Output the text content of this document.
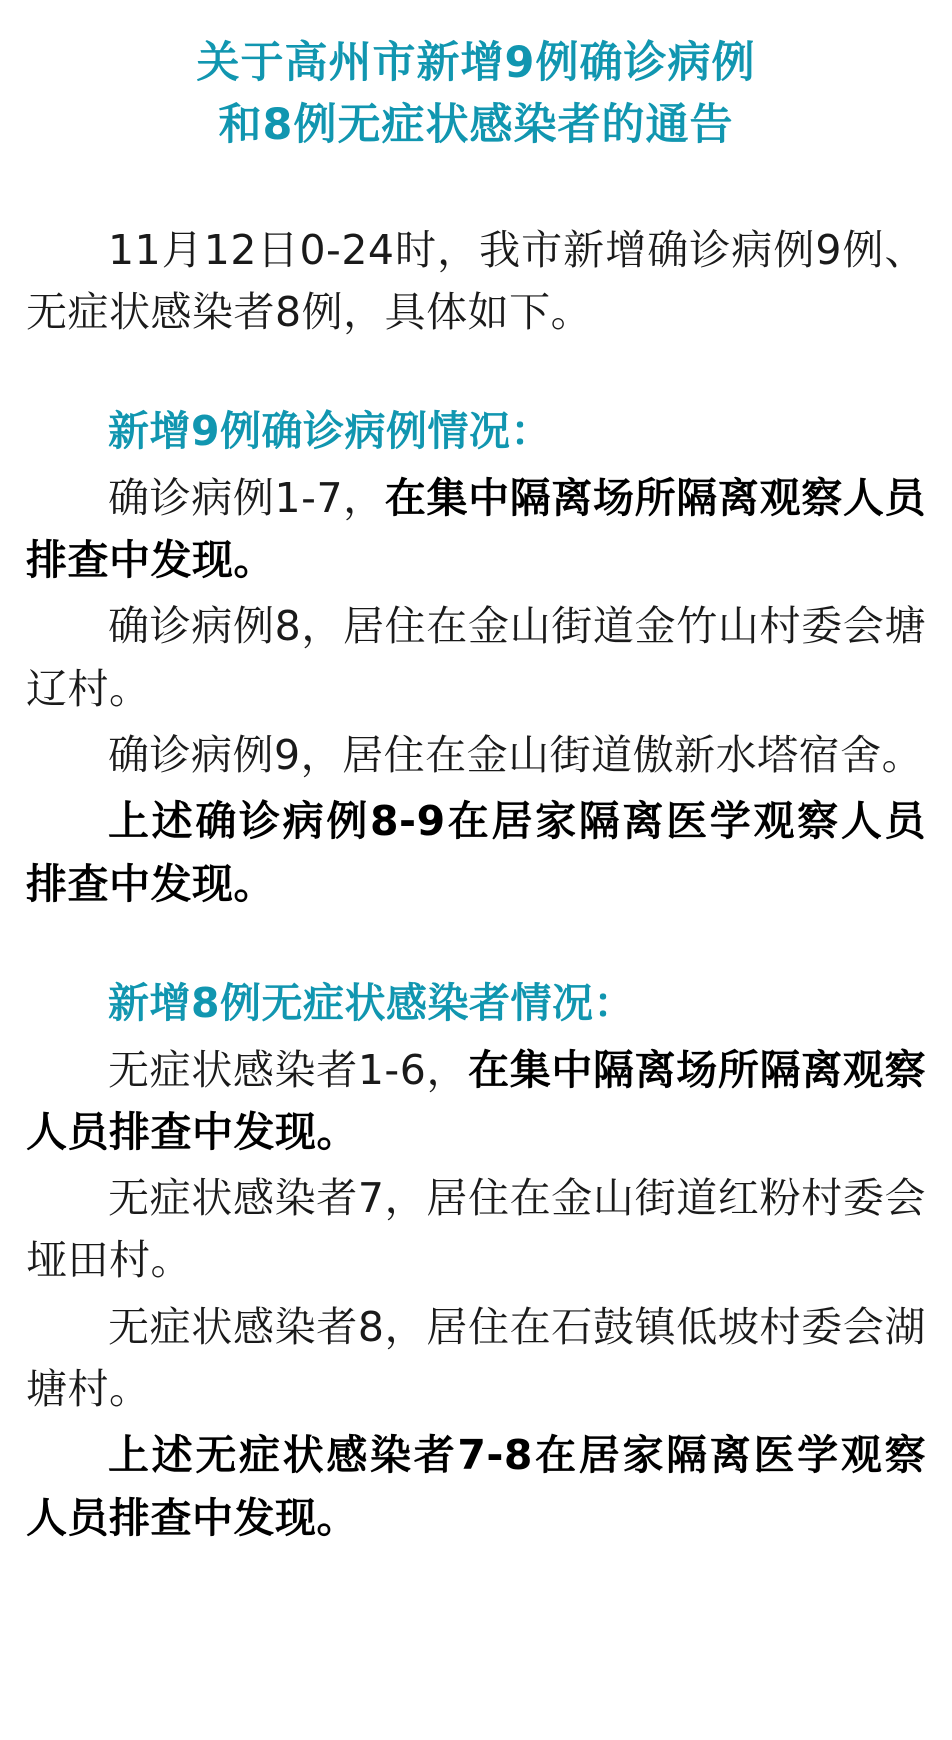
关于高州市新增9例确诊病例
和8例无症状感染者的通告

11月12日0-24时，我市新增确诊病例9例、无症状感染者8例，具体如下。

新增9例确诊病例情况：

确诊病例1-7，在集中隔离场所隔离观察人员排查中发现。

确诊病例8，居住在金山街道金竹山村委会塘辽村。

确诊病例9，居住在金山街道傲新水塔宿舍。

上述确诊病例8-9在居家隔离医学观察人员排查中发现。

新增8例无症状感染者情况：

无症状感染者1-6，在集中隔离场所隔离观察人员排查中发现。

无症状感染者7，居住在金山街道红粉村委会垭田村。

无症状感染者8，居住在石鼓镇低坡村委会湖塘村。

上述无症状感染者7-8在居家隔离医学观察人员排查中发现。
